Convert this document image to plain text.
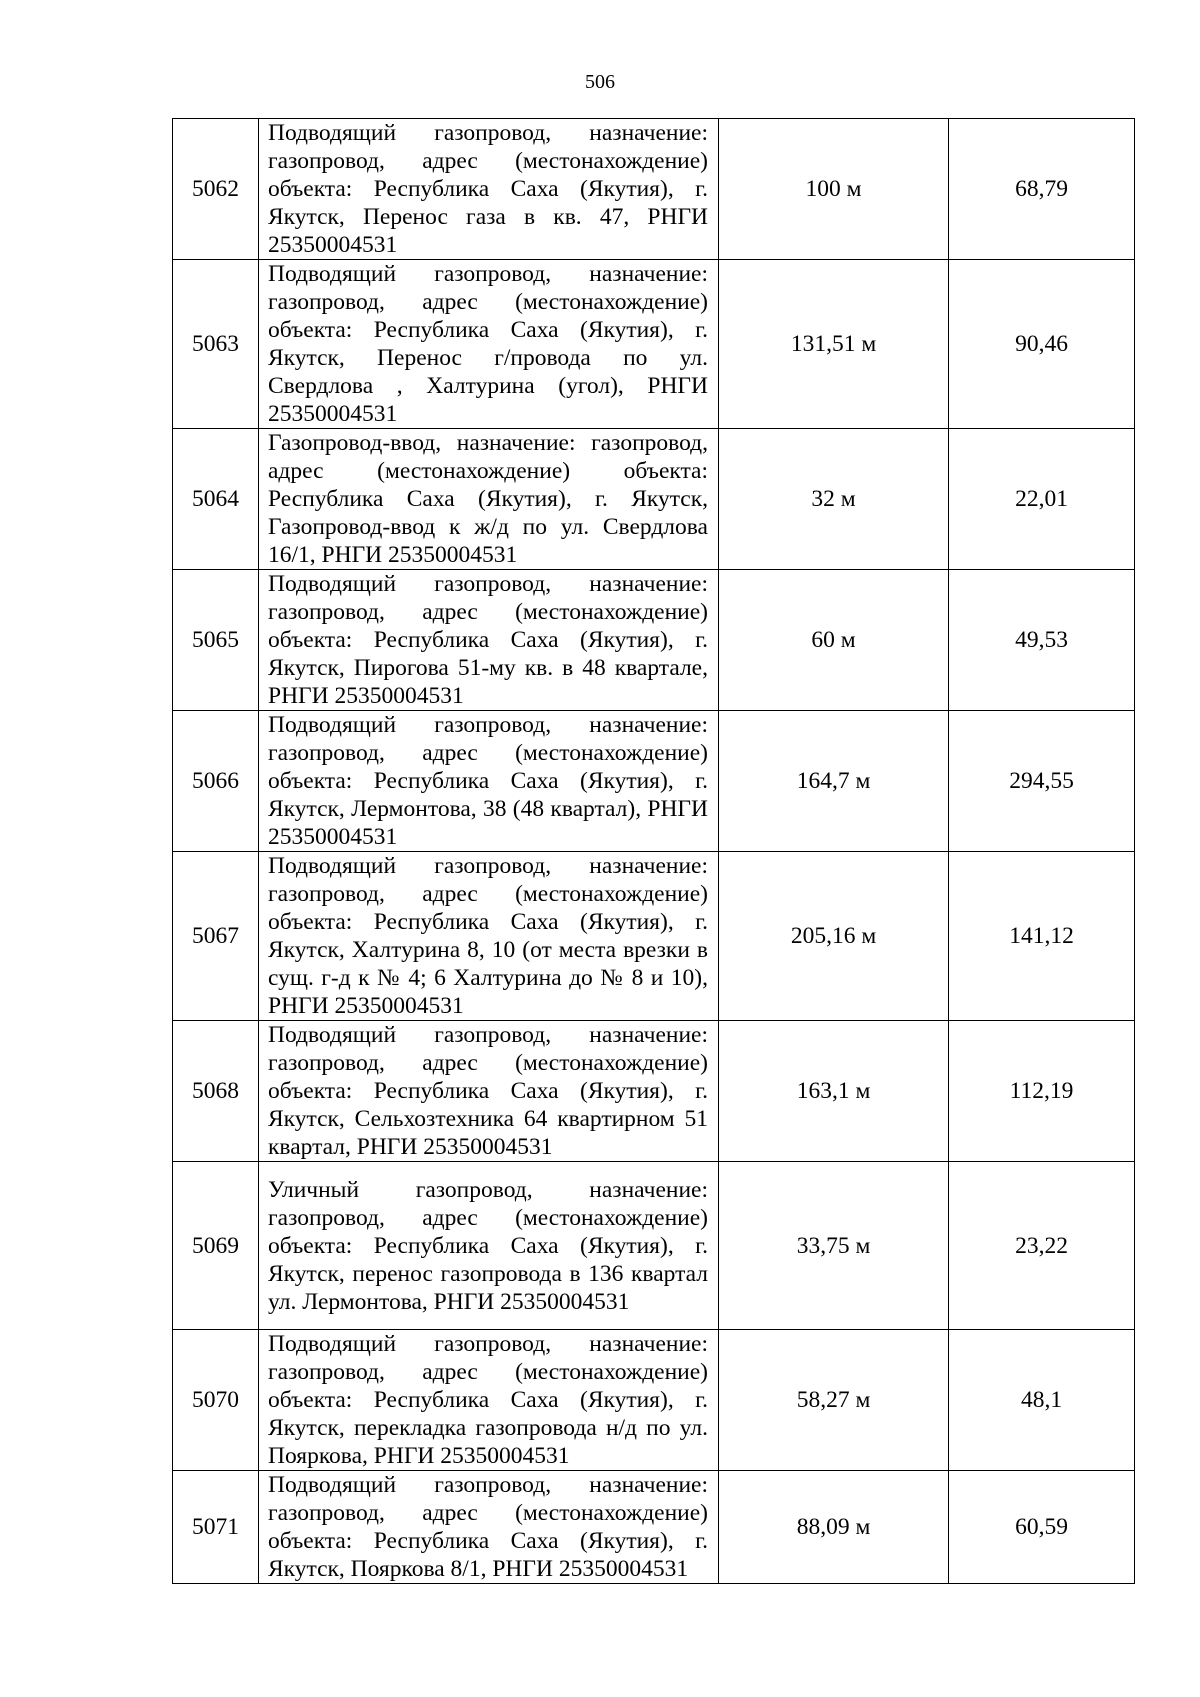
506
5062	Подводящий газопровод, назначение: газопровод, адрес (местонахождение) объекта: Республика Саха (Якутия), г. Якутск, Перенос газа в кв. 47, РНГИ 25350004531	100 м	68,79
5063	Подводящий газопровод, назначение: газопровод, адрес (местонахождение) объекта: Республика Саха (Якутия), г. Якутск, Перенос г/провода по ул. Свердлова , Халтурина (угол), РНГИ 25350004531	131,51 м	90,46
5064	Газопровод-ввод, назначение: газопровод, адрес (местонахождение) объекта: Республика Саха (Якутия), г. Якутск, Газопровод-ввод к ж/д по ул. Свердлова 16/1, РНГИ 25350004531	32 м	22,01
5065	Подводящий газопровод, назначение: газопровод, адрес (местонахождение) объекта: Республика Саха (Якутия), г. Якутск, Пирогова 51-му кв. в 48 квартале, РНГИ 25350004531	60 м	49,53
5066	Подводящий газопровод, назначение: газопровод, адрес (местонахождение) объекта: Республика Саха (Якутия), г. Якутск, Лермонтова, 38 (48 квартал), РНГИ 25350004531	164,7 м	294,55
5067	Подводящий газопровод, назначение: газопровод, адрес (местонахождение) объекта: Республика Саха (Якутия), г. Якутск, Халтурина 8, 10 (от места врезки в сущ. г-д к № 4; 6 Халтурина до № 8 и 10), РНГИ 25350004531	205,16 м	141,12
5068	Подводящий газопровод, назначение: газопровод, адрес (местонахождение) объекта: Республика Саха (Якутия), г. Якутск, Сельхозтехника 64 квартирном 51 квартал, РНГИ 25350004531	163,1 м	112,19
5069	Уличный газопровод, назначение: газопровод, адрес (местонахождение) объекта: Республика Саха (Якутия), г. Якутск, перенос газопровода в 136 квартал ул. Лермонтова, РНГИ 25350004531	33,75 м	23,22
5070	Подводящий газопровод, назначение: газопровод, адрес (местонахождение) объекта: Республика Саха (Якутия), г. Якутск, перекладка газопровода н/д по ул. Пояркова, РНГИ 25350004531	58,27 м	48,1
5071	Подводящий газопровод, назначение: газопровод, адрес (местонахождение) объекта: Республика Саха (Якутия), г. Якутск, Пояркова 8/1, РНГИ 25350004531	88,09 м	60,59
